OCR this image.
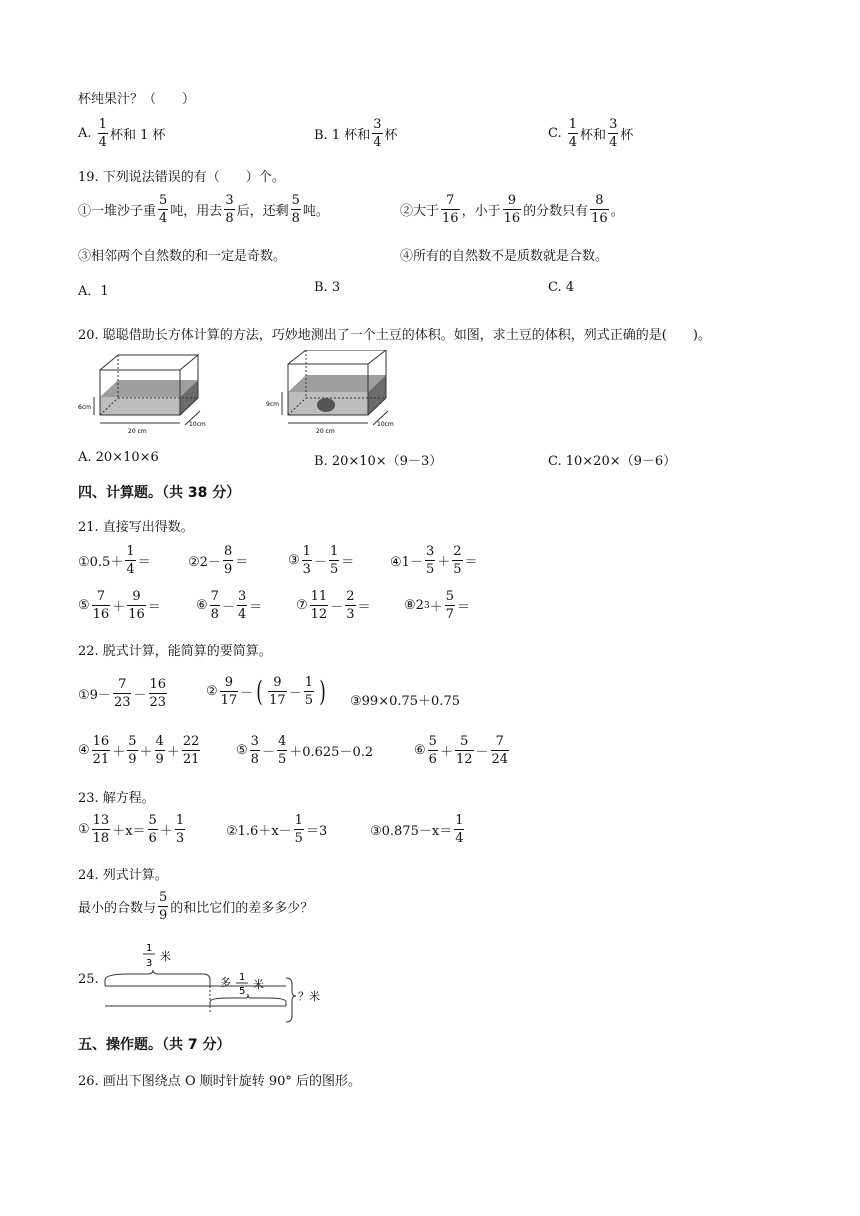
杯纯果汁？（　　）
A.
$\frac{1}{4}$ 杯和 1 杯	B. 1 杯和 $\frac{3}{4}$ 杯	C.
$\frac{1}{4}$ 杯和 $\frac{3}{4}$ 杯
19. 下列说法错误的有（　　）个。
①一堆沙子重 $\frac{5}{4}$ 吨，用去 $\frac{3}{8}$ 后，还剩 $\frac{5}{8}$ 吨。	②大于 $\frac{7}{16}$ ，小于 $\frac{9}{16}$ 的分数只有 $\frac{8}{16}$ 。
③相邻两个自然数的和一定是奇数。	④所有的自然数不是质数就是合数。
A．1	B. 3	C. 4
20. 聪聪借助长方体计算的方法，巧妙地测出了一个土豆的体积。如图，求土豆的体积，列式正确的是(　　)。
6cm
20 cm
10cm
9cm
20 cm
10cm
A. 20×10×6	B. 20×10×（9－3）	C. 10×20×（9－6）
四、计算题。（共 38 分）
21. 直接写出得数。
①0.5＋ $\frac{1}{4}$ ＝	②2－ $\frac{8}{9}$ ＝	③ $\frac{1}{3} - \frac{1}{5}$ ＝	④1－ $\frac{3}{5} + \frac{2}{5}$ ＝
⑤ $\frac{7}{16} + \frac{9}{16}$ ＝	⑥ $\frac{7}{8} - \frac{3}{4}$ ＝	⑦ $\frac{11}{12} - \frac{2}{3}$ ＝	⑧2 $3 + \frac{5}{7}$ ＝
22. 脱式计算，能简算的要简算。
①9－ $\frac{7}{23} - \frac{16}{23}$	② $\frac{9}{17}$ － ( $\frac{9}{17} - \frac{1}{5}$ ) ③99×0.75＋0.75
④ $\frac{16}{21} + \frac{5}{9} + \frac{4}{9} + \frac{22}{21}$	⑤ $\frac{3}{8} - \frac{4}{5} +0.625-0.2$	⑥ $\frac{5}{6} + \frac{5}{12} - \frac{7}{24}$
23. 解方程。
① $\frac{13}{18} +x= \frac{5}{6} + \frac{1}{3}$	②1.6＋x－ $\frac{1}{5} =3$	③0.875－x＝ $\frac{1}{4}$
24. 列式计算。
最小的合数与 $\frac{5}{9}$ 的和比它们的差多多少？
25.
1
3
米
多 1
5
米
？米
五、操作题。（共 7 分）
26. 画出下图绕点 O 顺时针旋转 90° 后的图形。
